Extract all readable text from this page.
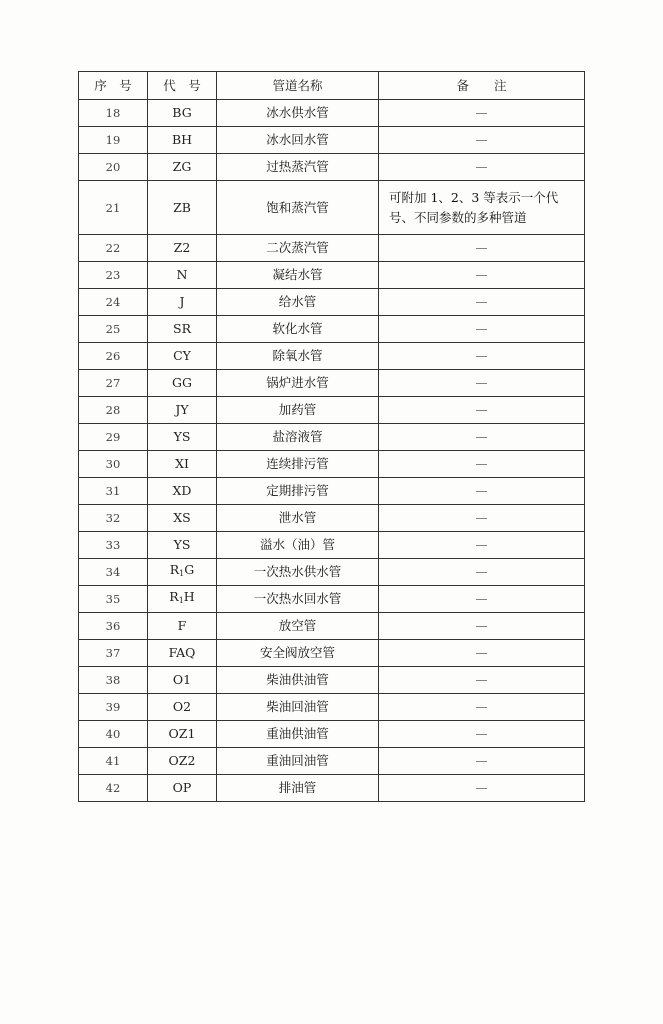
序　号	代　号	管道名称	备　　注
18	BG	冰水供水管	—
19	BH	冰水回水管	—
20	ZG	过热蒸汽管	—
21	ZB	饱和蒸汽管	可附加 1、2、3 等表示一个代号、不同参数的多种管道
22	Z2	二次蒸汽管	—
23	N	凝结水管	—
24	J	给水管	—
25	SR	软化水管	—
26	CY	除氧水管	—
27	GG	锅炉进水管	—
28	JY	加药管	—
29	YS	盐溶液管	—
30	XI	连续排污管	—
31	XD	定期排污管	—
32	XS	泄水管	—
33	YS	溢水（油）管	—
34	$R_1G$	一次热水供水管	—
35	$R_1H$	一次热水回水管	—
36	F	放空管	—
37	FAQ	安全阀放空管	—
38	O1	柴油供油管	—
39	O2	柴油回油管	—
40	OZ1	重油供油管	—
41	OZ2	重油回油管	—
42	OP	排油管	—
